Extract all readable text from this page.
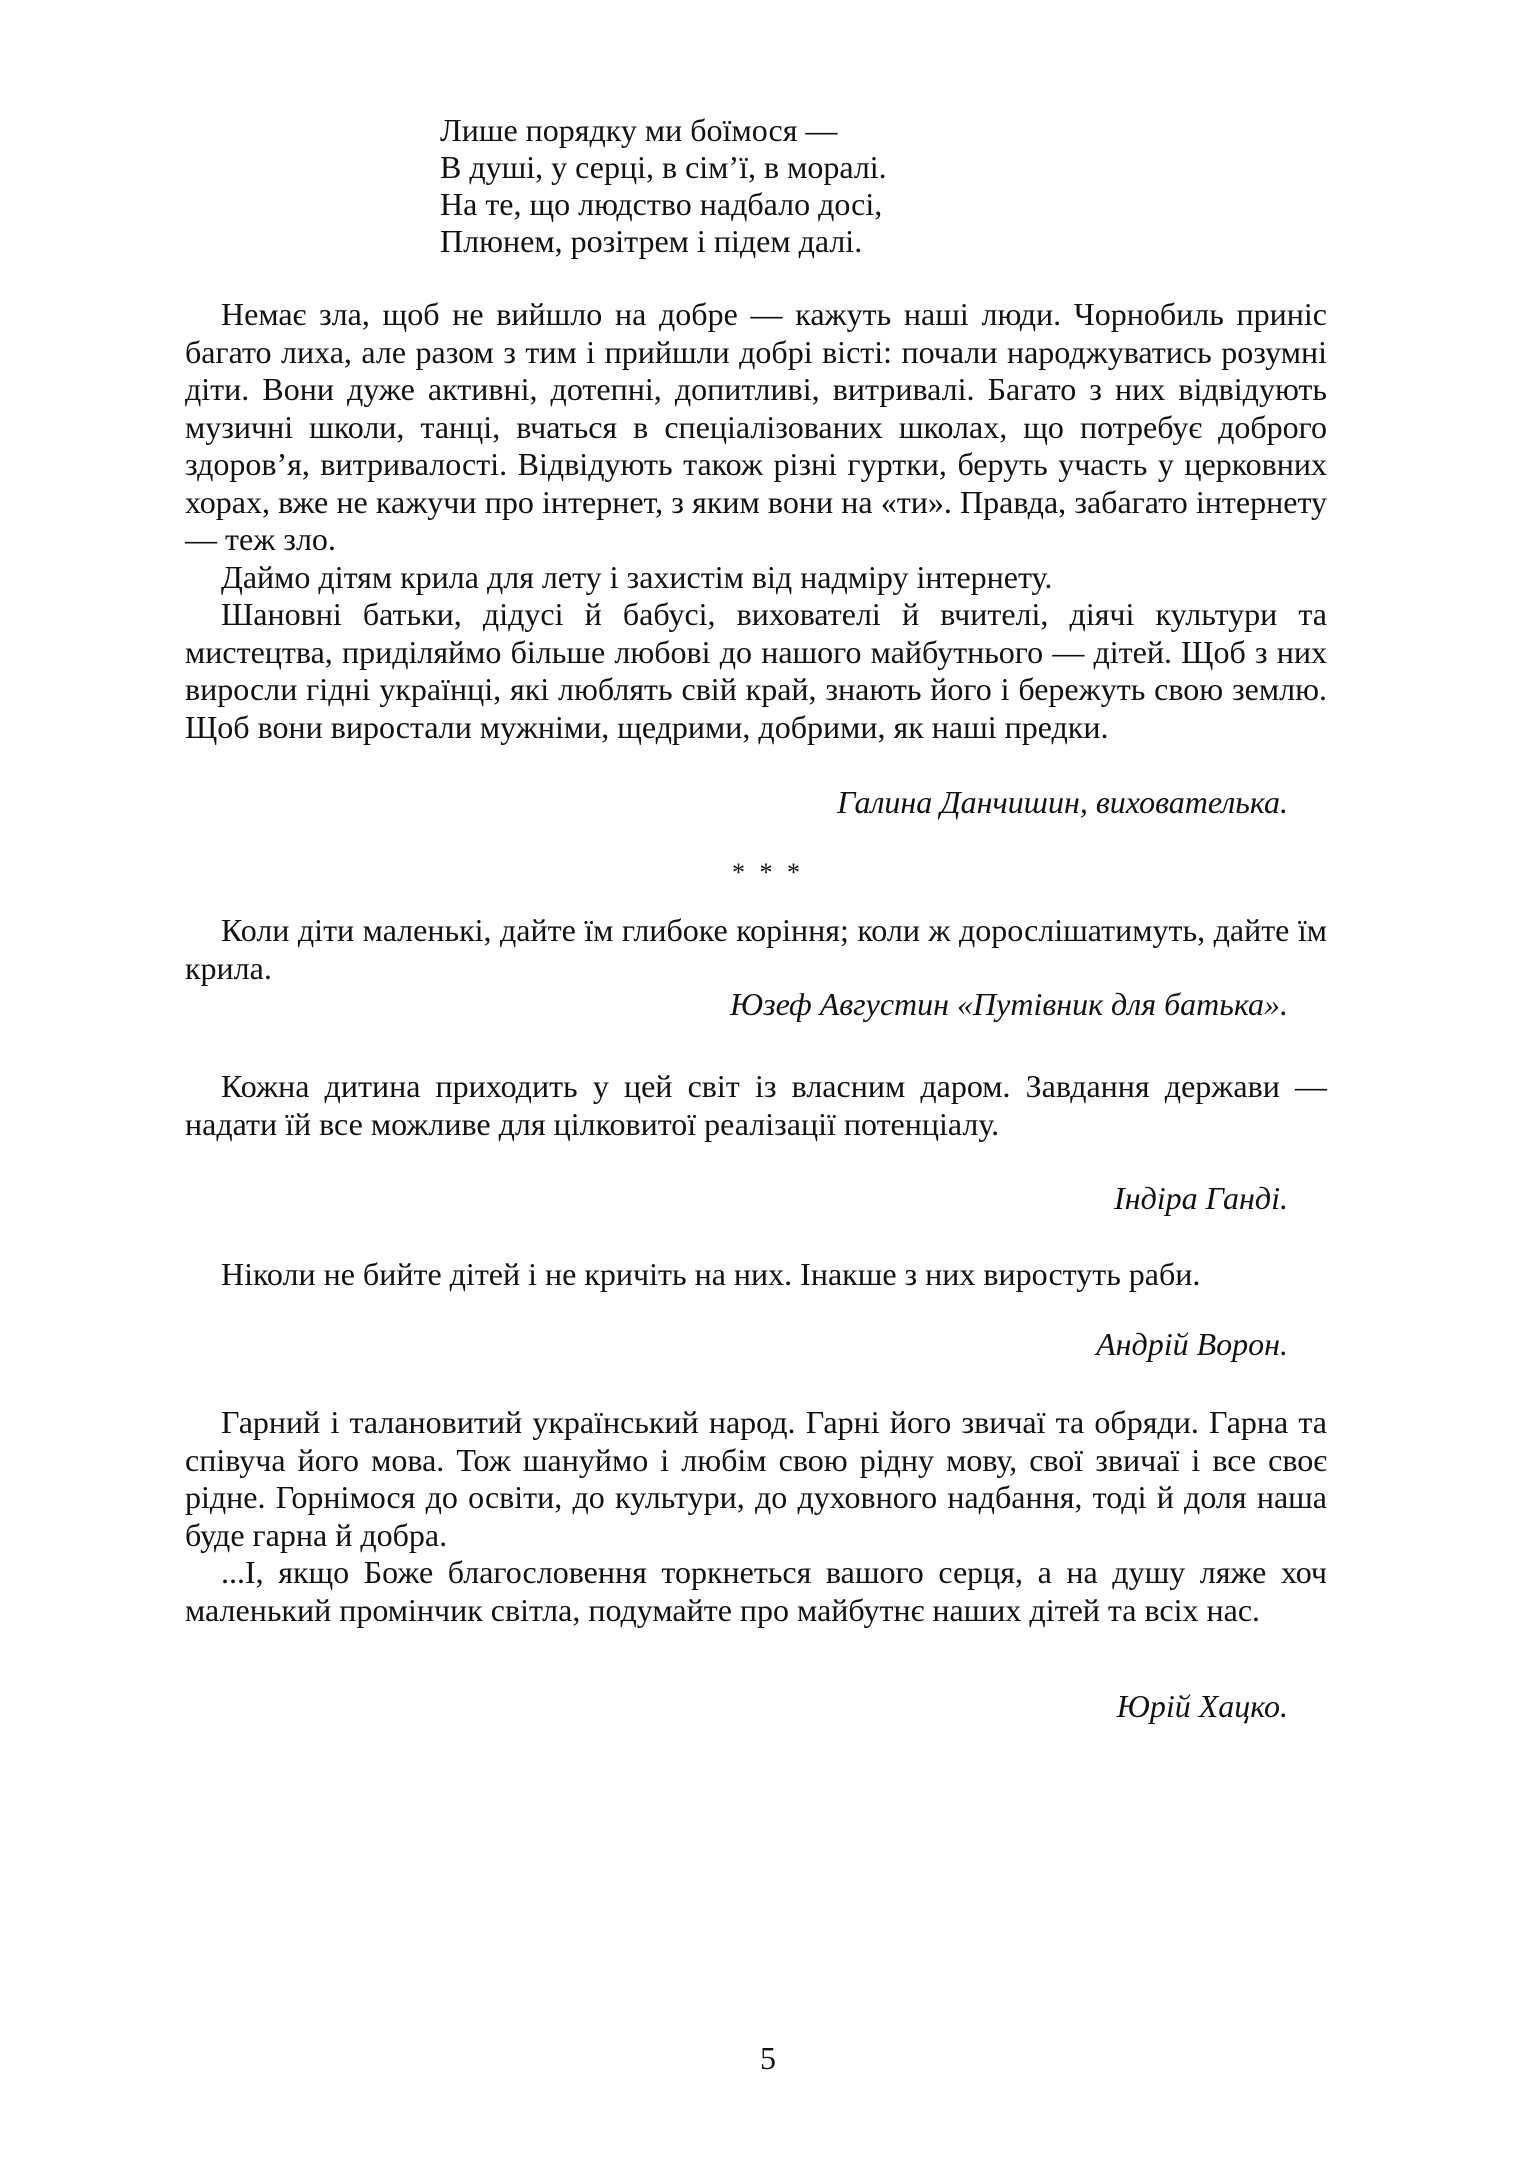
Лише порядку ми боїмося —
В душі, у серці, в сім’ї, в моралі.
На те, що людство надбало досі,
Плюнем, розітрем і підем далі.

Немає зла, щоб не вийшло на добре — кажуть наші люди. Чорнобиль приніс багато лиха, але разом з тим і прийшли добрі вісті: почали народжуватись розумні діти. Вони дуже активні, дотепні, допитливі, витривалі. Багато з них відвідують музичні школи, танці, вчаться в спеціалізованих школах, що потребує доброго здоров’я, витривалості. Відвідують також різні гуртки, беруть участь у церковних хорах, вже не кажучи про інтернет, з яким вони на «ти». Правда, забагато інтернету — теж зло.

Даймо дітям крила для лету і захистім від надміру інтернету.

Шановні батьки, дідусі й бабусі, вихователі й вчителі, діячі культури та мистецтва, приділяймо більше любові до нашого майбутнього — дітей. Щоб з них виросли гідні українці, які люблять свій край, знають його і бережуть свою землю. Щоб вони виростали мужніми, щедрими, добрими, як наші предки.

Галина Данчишин, вихователька.
* * *

Коли діти маленькі, дайте їм глибоке коріння; коли ж дорослішатимуть, дайте їм крила.

Юзеф Августин «Путівник для батька».

Кожна дитина приходить у цей світ із власним даром. Завдання держави — надати їй все можливе для цілковитої реалізації потенціалу.

Індіра Ганді.

Ніколи не бийте дітей і не кричіть на них. Інакше з них виростуть раби.

Андрій Ворон.

Гарний і талановитий український народ. Гарні його звичаї та обряди. Гарна та співуча його мова. Тож шануймо і любім свою рідну мову, свої звичаї і все своє рідне. Горнімося до освіти, до культури, до духовного надбання, тоді й доля наша буде гарна й добра.

...І, якщо Боже благословення торкнеться вашого серця, а на душу ляже хоч маленький промінчик світла, подумайте про майбутнє наших дітей та всіх нас.

Юрій Хацко.
5
